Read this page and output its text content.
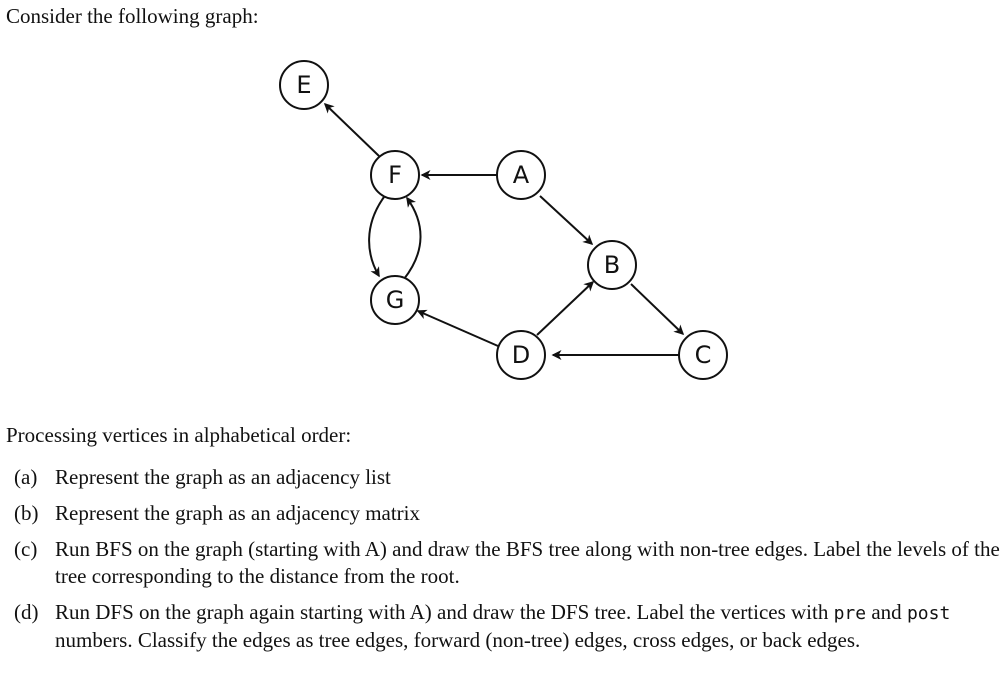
Consider the following graph:
E
F	A
B
G
D	C
Processing vertices in alphabetical order:
(a) Represent the graph as an adjacency list
(b) Represent the graph as an adjacency matrix
(c) Run BFS on the graph (starting with A) and draw the BFS tree along with non-tree edges. Label the levels of the tree corresponding to the distance from the root.
(d) Run DFS on the graph again starting with A) and draw the DFS tree. Label the vertices with pre and post numbers. Classify the edges as tree edges, forward (non-tree) edges, cross edges, or back edges.
